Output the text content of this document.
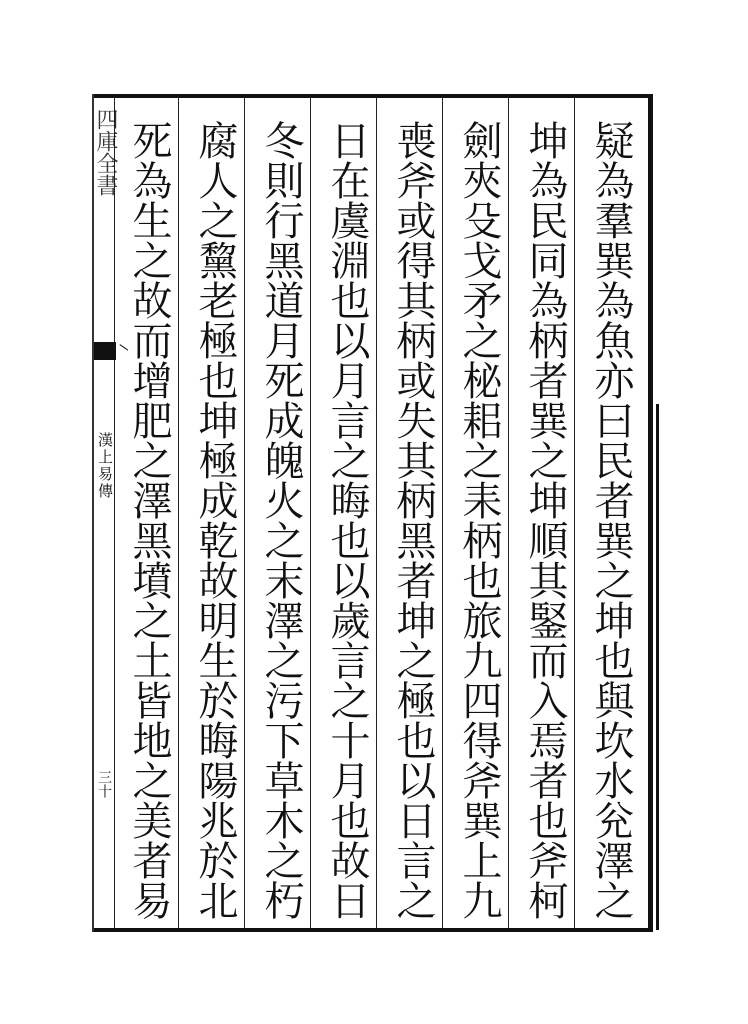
四庫全書
漢上易傳
三十	疑為羣巽為魚亦曰民者巽之坤也與坎水兊澤之
坤為民同為柄者巽之坤順其鋻而入焉者也斧柯
劍夾殳戈矛之柲耜之耒柄也旅九四得斧巽上九
喪斧或得其柄或失其柄黑者坤之極也以日言之
日在虞淵也以月言之晦也以歲言之十月也故日
冬則行黑道月死成魄火之末澤之污下草木之朽
腐人之黧老極也坤極成乾故明生於晦陽兆於北
死為生之故而增肥之澤黑墳之土皆地之美者易
